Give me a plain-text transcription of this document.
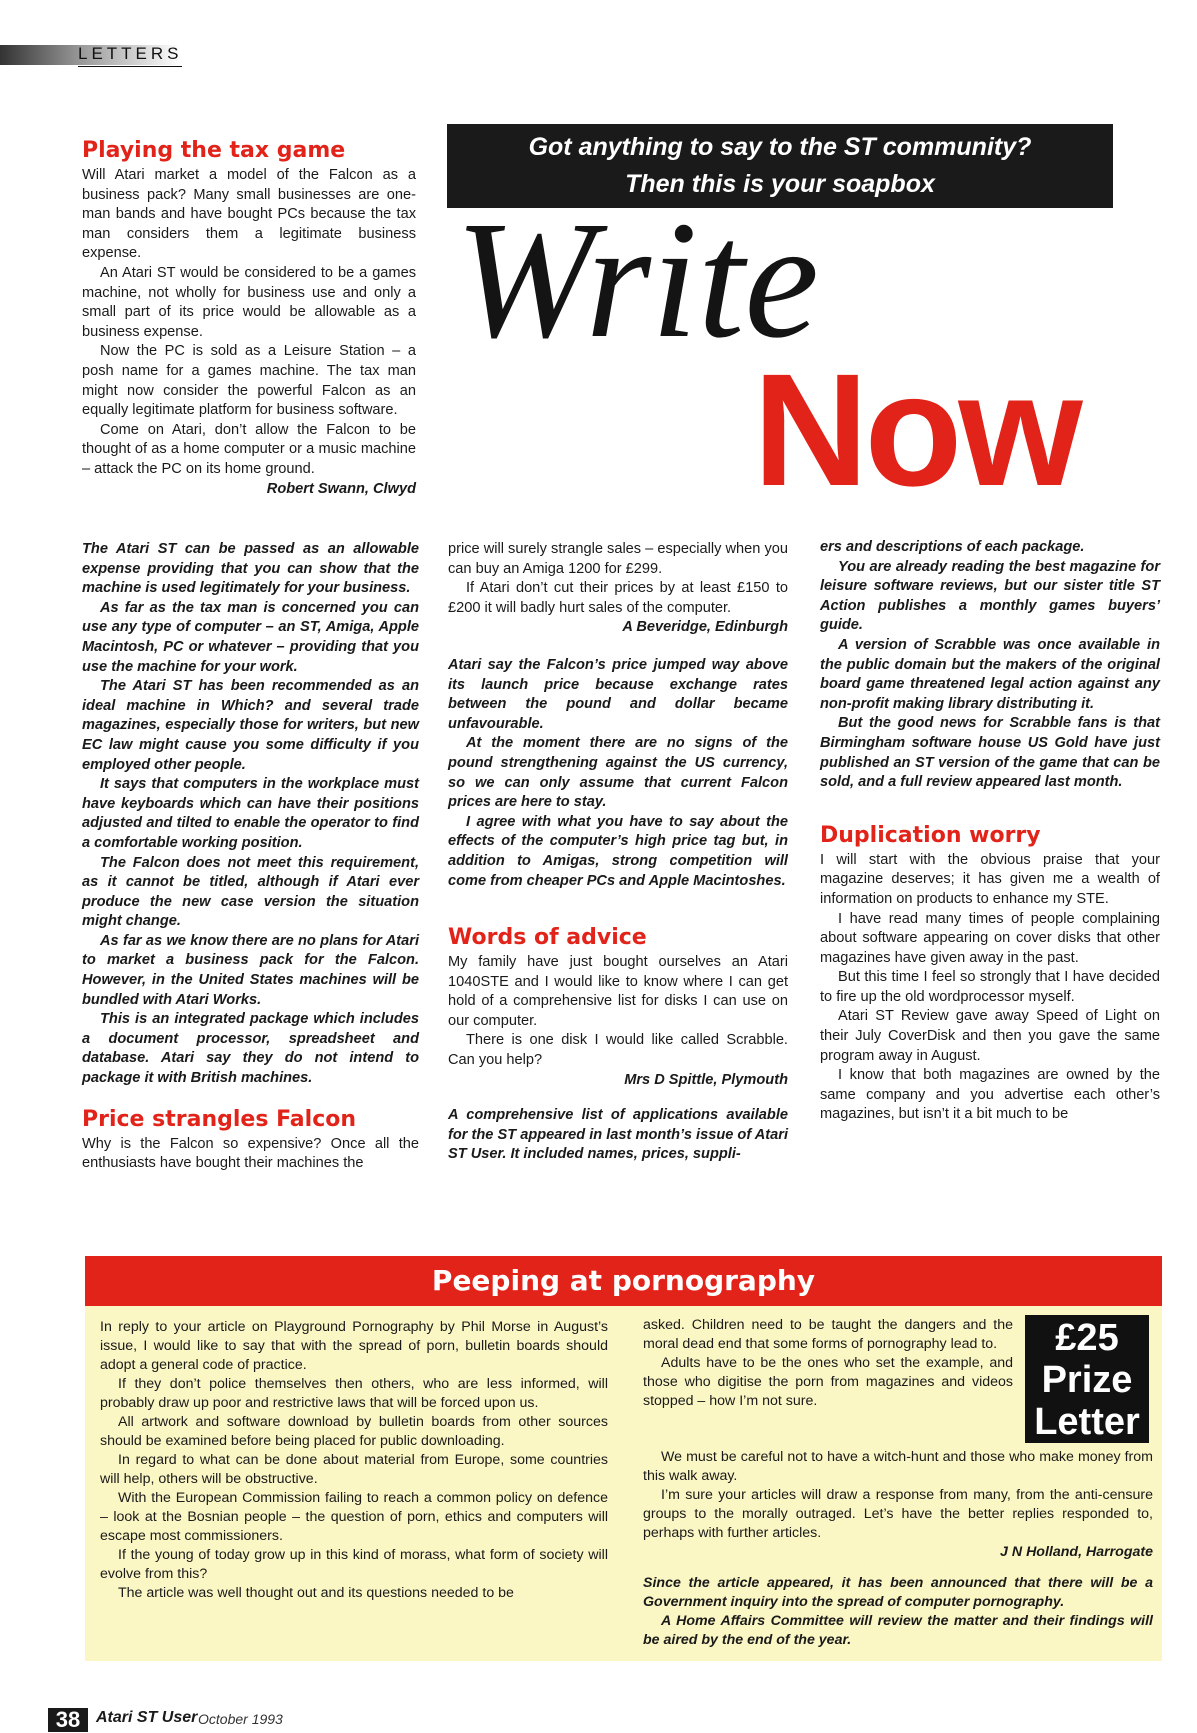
LETTERS
Playing the tax game

Will Atari market a model of the Falcon as a business pack? Many small businesses are one-man bands and have bought PCs because the tax man considers them a legitimate business expense.

An Atari ST would be considered to be a games machine, not wholly for business use and only a small part of its price would be allowable as a business expense.

Now the PC is sold as a Leisure Station – a posh name for a games machine. The tax man might now consider the powerful Falcon as an equally legitimate platform for business software.

Come on Atari, don’t allow the Falcon to be thought of as a home computer or a music machine – attack the PC on its home ground.

Robert Swann, Clwyd

Got anything to say to the ST community?
Then this is your soapbox
Write
Now

The Atari ST can be passed as an allowable expense providing that you can show that the machine is used legitimately for your business.

As far as the tax man is concerned you can use any type of computer – an ST, Amiga, Apple Macintosh, PC or whatever – providing that you use the machine for your work.

The Atari ST has been recommended as an ideal machine in Which? and several trade magazines, especially those for writers, but new EC law might cause you some difficulty if you employed other people.

It says that computers in the workplace must have keyboards which can have their positions adjusted and tilted to enable the operator to find a comfortable working position.

The Falcon does not meet this requirement, as it cannot be titled, although if Atari ever produce the new case version the situation might change.

As far as we know there are no plans for Atari to market a business pack for the Falcon. However, in the United States machines will be bundled with Atari Works.

This is an integrated package which includes a document processor, spreadsheet and database. Atari say they do not intend to package it with British machines.

Price strangles Falcon

Why is the Falcon so expensive? Once all the enthusiasts have bought their machines the

price will surely strangle sales – especially when you can buy an Amiga 1200 for £299.

If Atari don’t cut their prices by at least £150 to £200 it will badly hurt sales of the computer.

A Beveridge, Edinburgh

Atari say the Falcon’s price jumped way above its launch price because exchange rates between the pound and dollar became unfavourable.

At the moment there are no signs of the pound strengthening against the US currency, so we can only assume that current Falcon prices are here to stay.

I agree with what you have to say about the effects of the computer’s high price tag but, in addition to Amigas, strong competition will come from cheaper PCs and Apple Macintoshes.

Words of advice

My family have just bought ourselves an Atari 1040STE and I would like to know where I can get hold of a comprehensive list for disks I can use on our computer.

There is one disk I would like called Scrabble. Can you help?

Mrs D Spittle, Plymouth

A comprehensive list of applications available for the ST appeared in last month’s issue of Atari ST User. It included names, prices, suppli-

ers and descriptions of each package.

You are already reading the best magazine for leisure software reviews, but our sister title ST Action publishes a monthly games buyers’ guide.

A version of Scrabble was once available in the public domain but the makers of the original board game threatened legal action against any non-profit making library distributing it.

But the good news for Scrabble fans is that Birmingham software house US Gold have just published an ST version of the game that can be sold, and a full review appeared last month.

Duplication worry

I will start with the obvious praise that your magazine deserves; it has given me a wealth of information on products to enhance my STE.

I have read many times of people complaining about software appearing on cover disks that other magazines have given away in the past.

But this time I feel so strongly that I have decided to fire up the old wordprocessor myself.

Atari ST Review gave away Speed of Light on their July CoverDisk and then you gave the same program away in August.

I know that both magazines are owned by the same company and you advertise each other’s magazines, but isn’t it a bit much to be

Peeping at pornography

In reply to your article on Playground Pornography by Phil Morse in August’s issue, I would like to say that with the spread of porn, bulletin boards should adopt a general code of practice.

If they don’t police themselves then others, who are less informed, will probably draw up poor and restrictive laws that will be forced upon us.

All artwork and software download by bulletin boards from other sources should be examined before being placed for public downloading.

In regard to what can be done about material from Europe, some countries will help, others will be obstructive.

With the European Commission failing to reach a common policy on defence – look at the Bosnian people – the question of porn, ethics and computers will escape most commissioners.

If the young of today grow up in this kind of morass, what form of society will evolve from this?

The article was well thought out and its questions needed to be

asked. Children need to be taught the dangers and the moral dead end that some forms of pornography lead to.

Adults have to be the ones who set the example, and those who digitise the porn from magazines and videos stopped – how I’m not sure.

We must be careful not to have a witch-hunt and those who make money from this walk away.

I’m sure your articles will draw a response from many, from the anti-censure groups to the morally outraged. Let’s have the better replies responded to, perhaps with further articles.

J N Holland, Harrogate

Since the article appeared, it has been announced that there will be a Government inquiry into the spread of computer pornography.

A Home Affairs Committee will review the matter and their findings will be aired by the end of the year.

£25
Prize
Letter
38 Atari ST User October 1993
